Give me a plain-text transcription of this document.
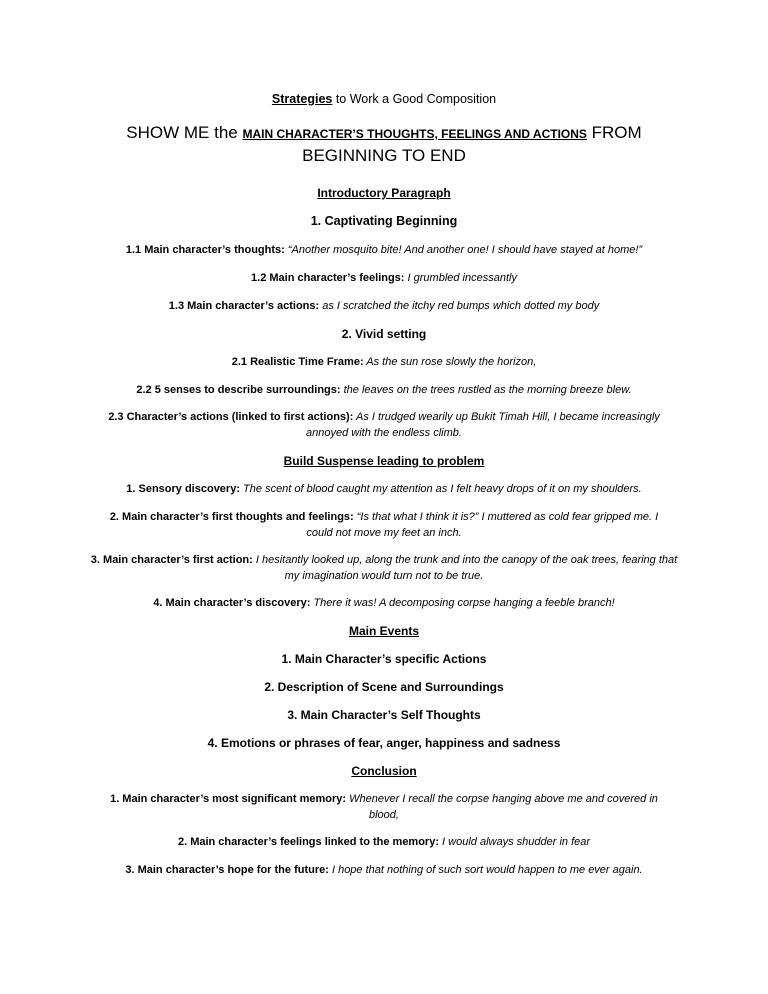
Strategies to Work a Good Composition
SHOW ME the MAIN CHARACTER’S THOUGHTS, FEELINGS AND ACTIONS FROM BEGINNING TO END
Introductory Paragraph
1. Captivating Beginning
1.1 Main character’s thoughts: “Another mosquito bite! And another one! I should have stayed at home!”
1.2 Main character’s feelings: I grumbled incessantly
1.3 Main character’s actions: as I scratched the itchy red bumps which dotted my body
2. Vivid setting
2.1 Realistic Time Frame: As the sun rose slowly the horizon,
2.2 5 senses to describe surroundings: the leaves on the trees rustled as the morning breeze blew.
2.3 Character’s actions (linked to first actions): As I trudged wearily up Bukit Timah Hill, I became increasingly annoyed with the endless climb.
Build Suspense leading to problem
1. Sensory discovery: The scent of blood caught my attention as I felt heavy drops of it on my shoulders.
2. Main character’s first thoughts and feelings: “Is that what I think it is?” I muttered as cold fear gripped me. I could not move my feet an inch.
3. Main character’s first action: I hesitantly looked up, along the trunk and into the canopy of the oak trees, fearing that my imagination would turn not to be true.
4. Main character’s discovery: There it was! A decomposing corpse hanging a feeble branch!
Main Events
1. Main Character’s specific Actions
2. Description of Scene and Surroundings
3. Main Character’s Self Thoughts
4. Emotions or phrases of fear, anger, happiness and sadness
Conclusion
1. Main character’s most significant memory: Whenever I recall the corpse hanging above me and covered in blood,
2. Main character’s feelings linked to the memory: I would always shudder in fear
3. Main character’s hope for the future: I hope that nothing of such sort would happen to me ever again.
